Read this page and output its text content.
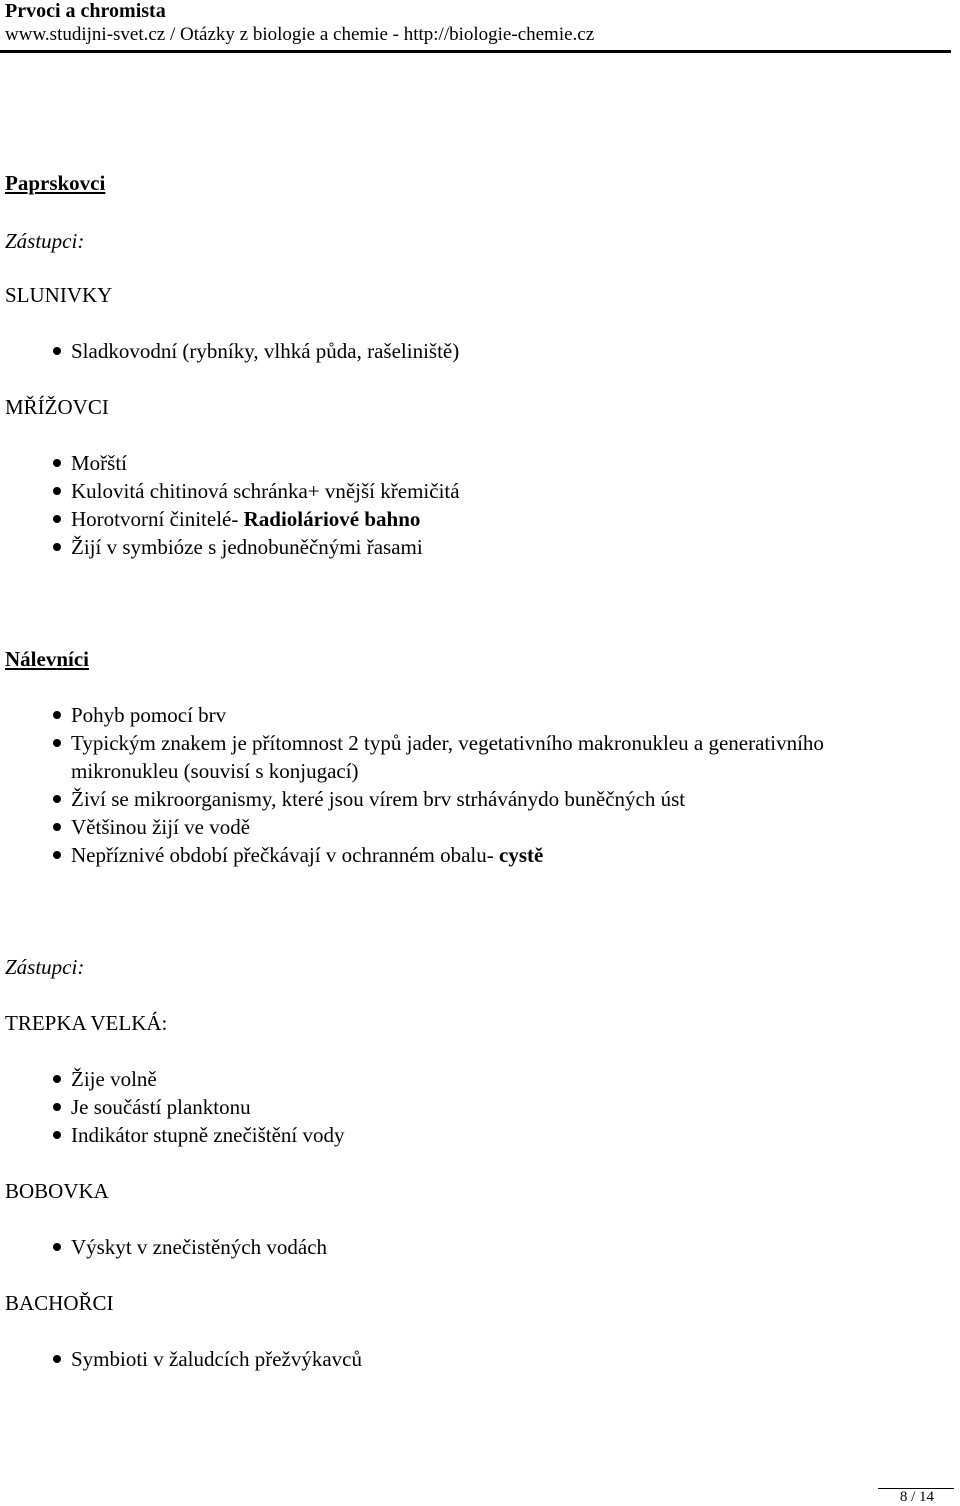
Prvoci a chromista
www.studijni-svet.cz / Otázky z biologie a chemie - http://biologie-chemie.cz
Paprskovci
Zástupci:
SLUNIVKY
Sladkovodní (rybníky, vlhká půda, rašeliniště)
MŘÍŽOVCI
Mořští
Kulovitá chitinová schránka+ vnější křemičitá
Horotvorní činitelé- Radioláriové bahno
Žijí v symbióze s jednobuněčnými řasami
Nálevníci
Pohyb pomocí brv
Typickým znakem je přítomnost 2 typů jader, vegetativního makronukleu a generativního mikronukleu (souvisí s konjugací)
Živí se mikroorganismy, které jsou vírem brv strháványdo buněčných úst
Většinou žijí ve vodě
Nepříznivé období přečkávají v ochranném obalu- cystě
Zástupci:
TREPKA VELKÁ:
Žije volně
Je součástí planktonu
Indikátor stupně znečištění vody
BOBOVKA
Výskyt v znečistěných vodách
BACHOŘCI
Symbioti v žaludcích přežvýkavců
8 / 14
